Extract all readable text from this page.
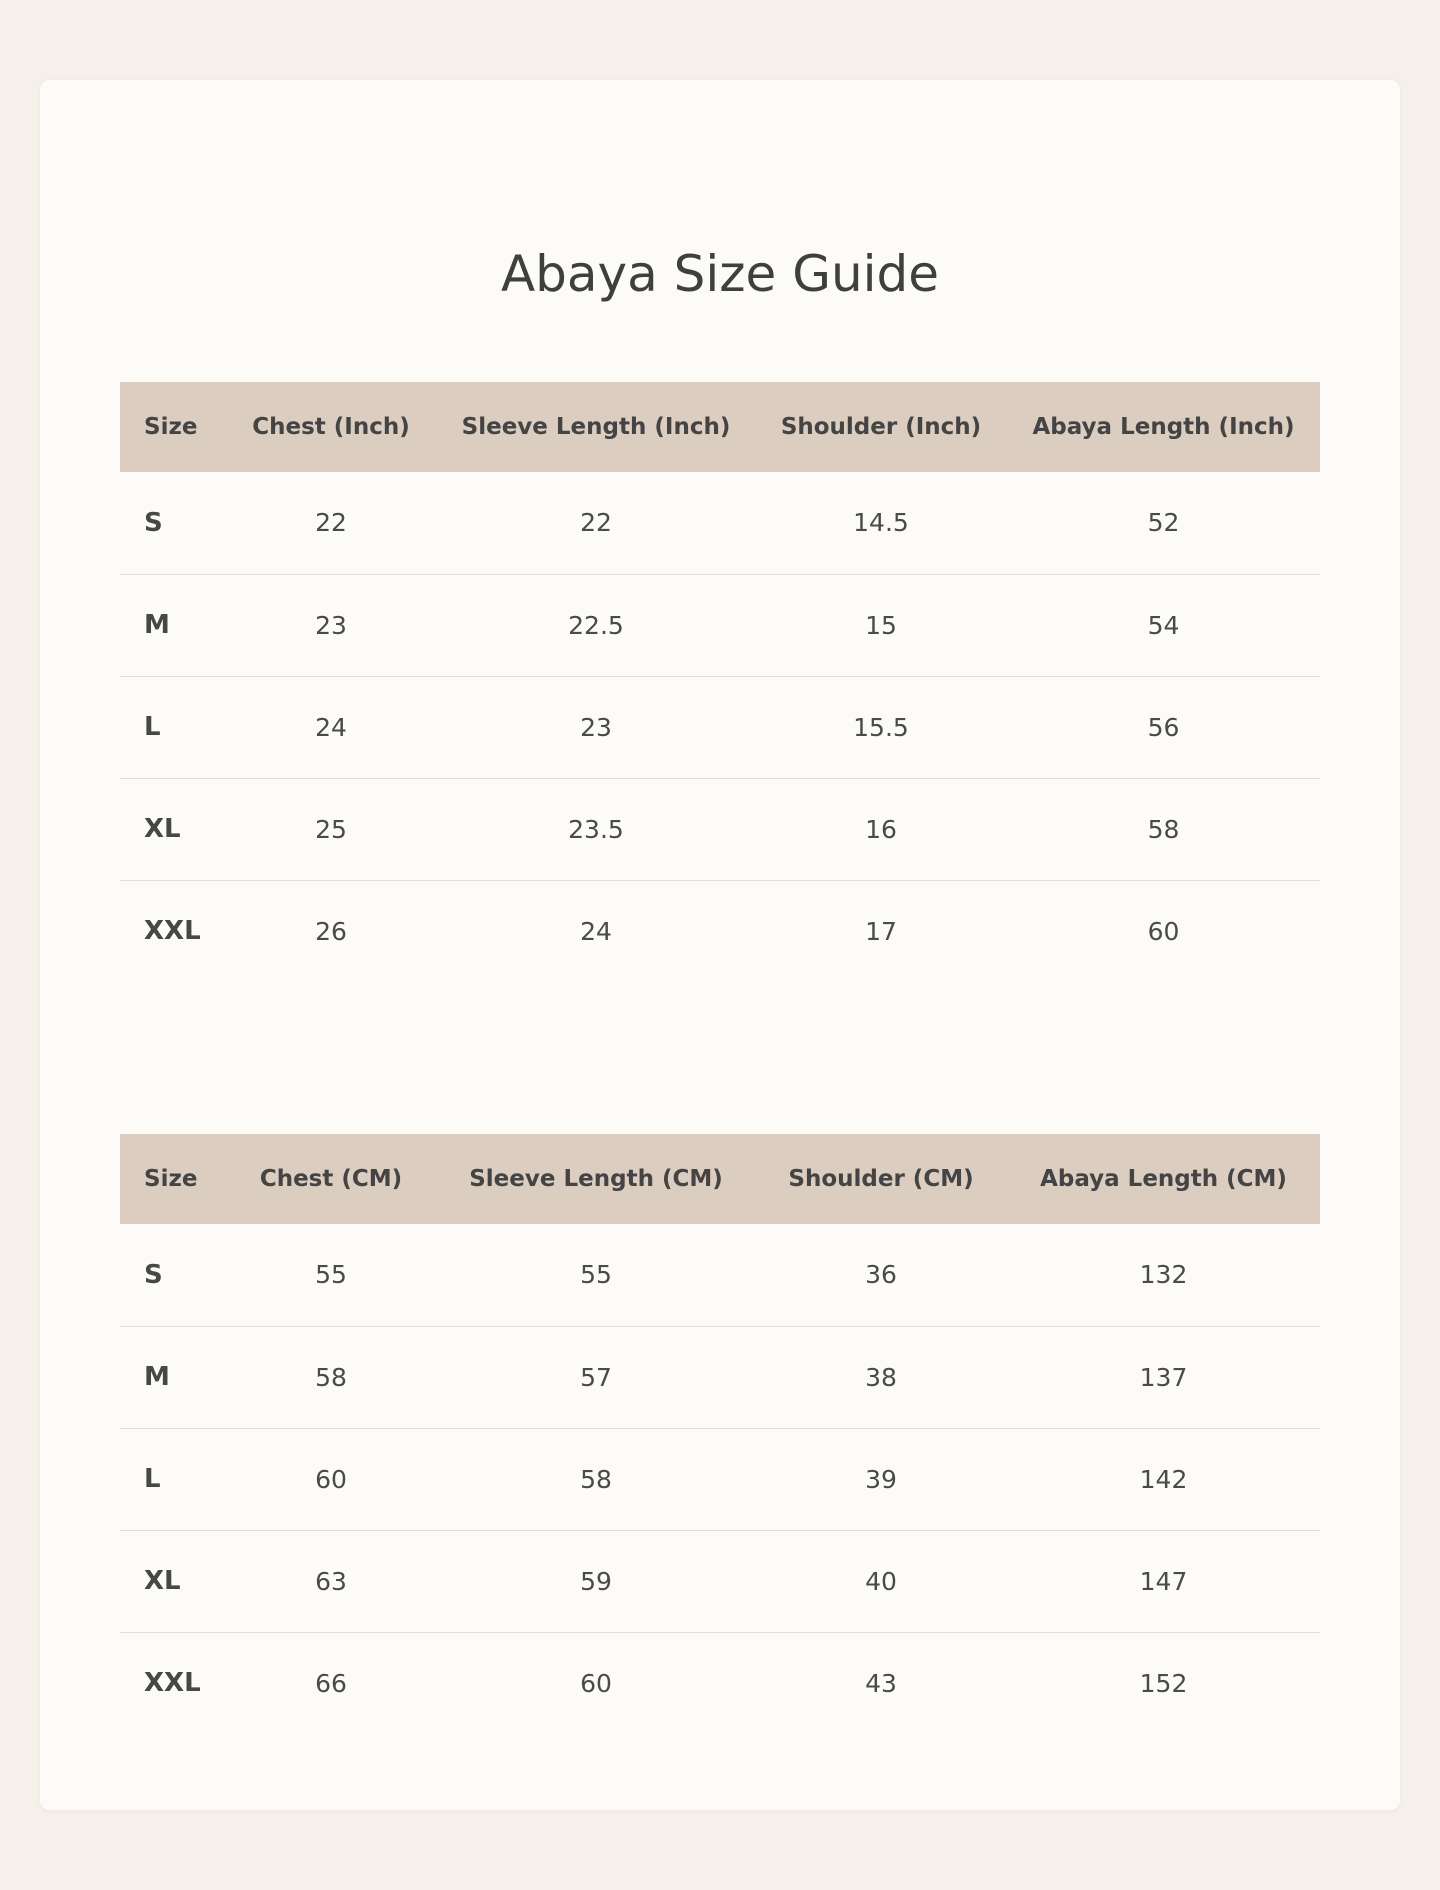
Abaya Size Guide
Measurements in Inches
Size	Chest (Inch)	Sleeve Length (Inch)	Shoulder (Inch)	Abaya Length (Inch)
S	22	22	14.5	52
M	23	22.5	15	54
L	24	23	15.5	56
XL	25	23.5	16	58
XXL	26	24	17	60
Measurements in Centimeters
Size	Chest (CM)	Sleeve Length (CM)	Shoulder (CM)	Abaya Length (CM)
S	55	55	36	132
M	58	57	38	137
L	60	58	39	142
XL	63	59	40	147
XXL	66	60	43	152
